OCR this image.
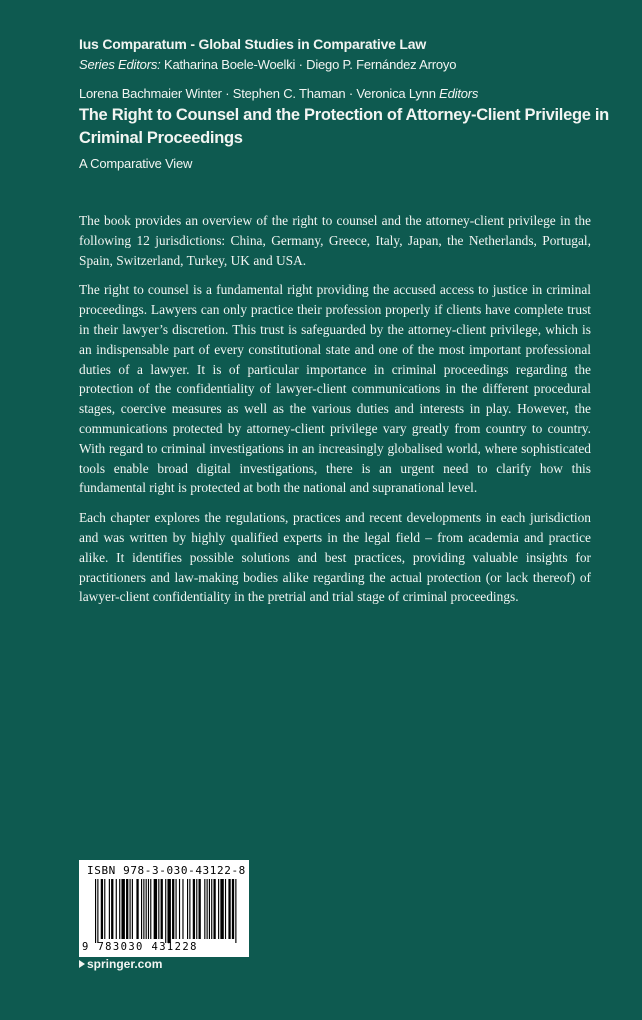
Ius Comparatum - Global Studies in Comparative Law
Series Editors: Katharina Boele-Woelki · Diego P. Fernández Arroyo
Lorena Bachmaier Winter · Stephen C. Thaman · Veronica Lynn Editors
The Right to Counsel and the Protection of Attorney-Client Privilege in Criminal Proceedings
A Comparative View

The book provides an overview of the right to counsel and the attorney-client privilege in the following 12 jurisdictions: China, Germany, Greece, Italy, Japan, the Netherlands, Portugal, Spain, Switzerland, Turkey, UK and USA.

The right to counsel is a fundamental right providing the accused access to justice in criminal proceedings. Lawyers can only practice their profession properly if clients have complete trust in their lawyer’s discretion. This trust is safeguarded by the attorney-client privilege, which is an indispensable part of every constitutional state and one of the most important professional duties of a lawyer. It is of particular importance in criminal proceedings regarding the protection of the confidentiality of lawyer-client communications in the different procedural stages, coercive measures as well as the various duties and interests in play. However, the communications protected by attorney-client privilege vary greatly from country to country. With regard to criminal investigations in an increasingly globalised world, where sophisticated tools enable broad digital investigations, there is an urgent need to clarify how this fundamental right is protected at both the national and supranational level.

Each chapter explores the regulations, practices and recent developments in each jurisdiction and was written by highly qualified experts in the legal field – from academia and practice alike. It identifies possible solutions and best practices, providing valuable insights for practitioners and law-making bodies alike regarding the actual protection (or lack thereof) of lawyer-client confidentiality in the pretrial and trial stage of criminal proceedings.

ISBN 978-3-030-43122-8
9 783030 431228
springer.com
